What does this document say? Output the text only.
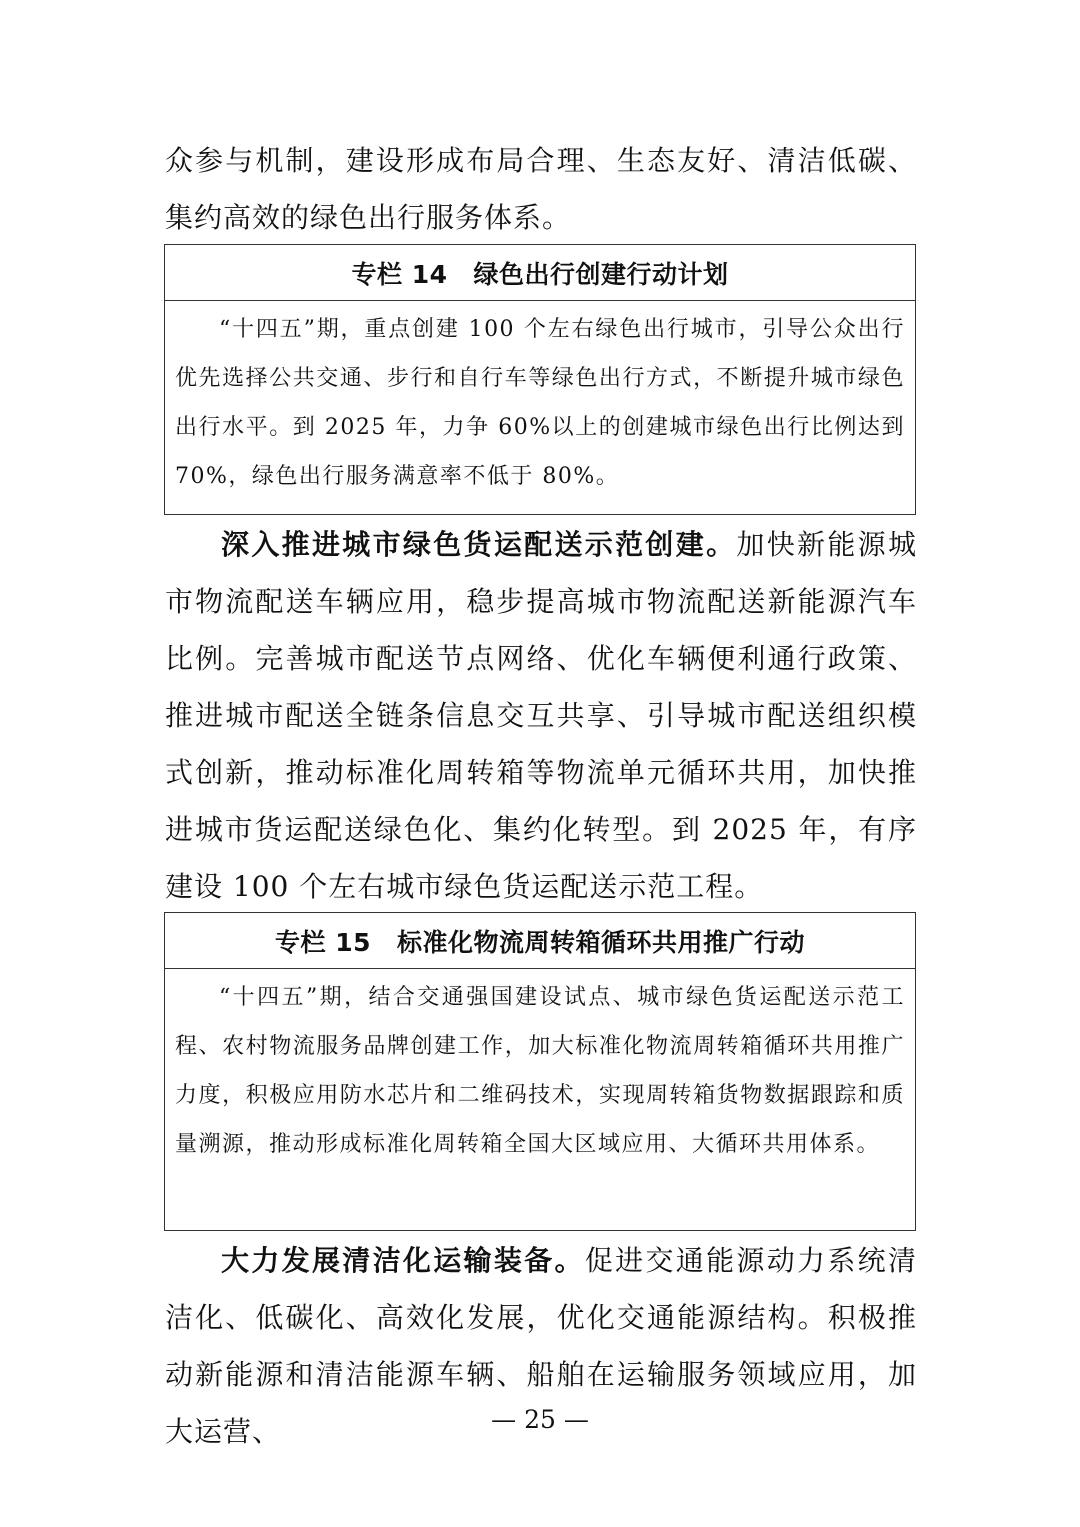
众参与机制，建设形成布局合理、生态友好、清洁低碳、集约高效的绿色出行服务体系。

专栏 14 绿色出行创建行动计划

“十四五”期，重点创建 100 个左右绿色出行城市，引导公众出行优先选择公共交通、步行和自行车等绿色出行方式，不断提升城市绿色出行水平。到 2025 年，力争 60%以上的创建城市绿色出行比例达到 70%，绿色出行服务满意率不低于 80%。

深入推进城市绿色货运配送示范创建。加快新能源城市物流配送车辆应用，稳步提高城市物流配送新能源汽车比例。完善城市配送节点网络、优化车辆便利通行政策、推进城市配送全链条信息交互共享、引导城市配送组织模式创新，推动标准化周转箱等物流单元循环共用，加快推进城市货运配送绿色化、集约化转型。到 2025 年，有序建设 100 个左右城市绿色货运配送示范工程。

专栏 15 标准化物流周转箱循环共用推广行动

“十四五”期，结合交通强国建设试点、城市绿色货运配送示范工程、农村物流服务品牌创建工作，加大标准化物流周转箱循环共用推广力度，积极应用防水芯片和二维码技术，实现周转箱货物数据跟踪和质量溯源，推动形成标准化周转箱全国大区域应用、大循环共用体系。

大力发展清洁化运输装备。促进交通能源动力系统清洁化、低碳化、高效化发展，优化交通能源结构。积极推动新能源和清洁能源车辆、船舶在运输服务领域应用，加大运营、	— 25 —
